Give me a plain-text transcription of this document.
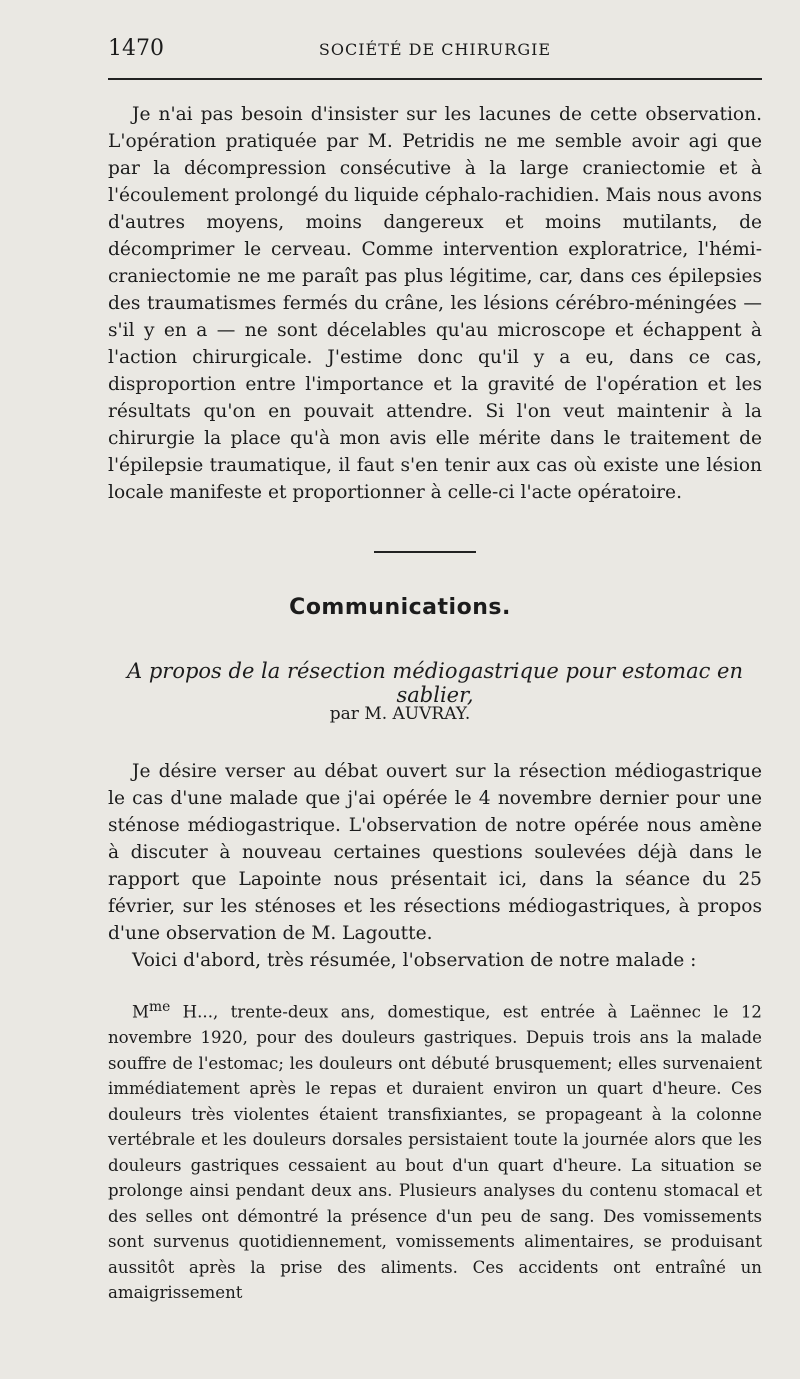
1470	SOCIÉTÉ DE CHIRURGIE

Je n'ai pas besoin d'insister sur les lacunes de cette observation. L'opération pratiquée par M. Petridis ne me semble avoir agi que par la décompression consécutive à la large craniectomie et à l'écoulement prolongé du liquide céphalo-rachidien. Mais nous avons d'autres moyens, moins dangereux et moins mutilants, de décomprimer le cerveau. Comme intervention exploratrice, l'hémi-craniectomie ne me paraît pas plus légitime, car, dans ces épilepsies des traumatismes fermés du crâne, les lésions cérébro-méningées — s'il y en a — ne sont décelables qu'au microscope et échappent à l'action chirurgicale. J'estime donc qu'il y a eu, dans ce cas, disproportion entre l'importance et la gravité de l'opération et les résultats qu'on en pouvait attendre. Si l'on veut maintenir à la chirurgie la place qu'à mon avis elle mérite dans le traitement de l'épilepsie traumatique, il faut s'en tenir aux cas où existe une lésion locale manifeste et proportionner à celle-ci l'acte opératoire.

Communications.
A propos de la résection médiogastrique pour estomac en sablier,
par M. AUVRAY.

Je désire verser au débat ouvert sur la résection médiogastrique le cas d'une malade que j'ai opérée le 4 novembre dernier pour une sténose médiogastrique. L'observation de notre opérée nous amène à discuter à nouveau certaines questions soulevées déjà dans le rapport que Lapointe nous présentait ici, dans la séance du 25 février, sur les sténoses et les résections médiogastriques, à propos d'une observation de M. Lagoutte.

Voici d'abord, très résumée, l'observation de notre malade :

$M^{me}$ H..., trente-deux ans, domestique, est entrée à Laënnec le 12 novembre 1920, pour des douleurs gastriques. Depuis trois ans la malade souffre de l'estomac; les douleurs ont débuté brusquement; elles survenaient immédiatement après le repas et duraient environ un quart d'heure. Ces douleurs très violentes étaient transfixiantes, se propageant à la colonne vertébrale et les douleurs dorsales persistaient toute la journée alors que les douleurs gastriques cessaient au bout d'un quart d'heure. La situation se prolonge ainsi pendant deux ans. Plusieurs analyses du contenu stomacal et des selles ont démontré la présence d'un peu de sang. Des vomissements sont survenus quotidiennement, vomissements alimentaires, se produisant aussitôt après la prise des aliments. Ces accidents ont entraîné un amaigrissement
